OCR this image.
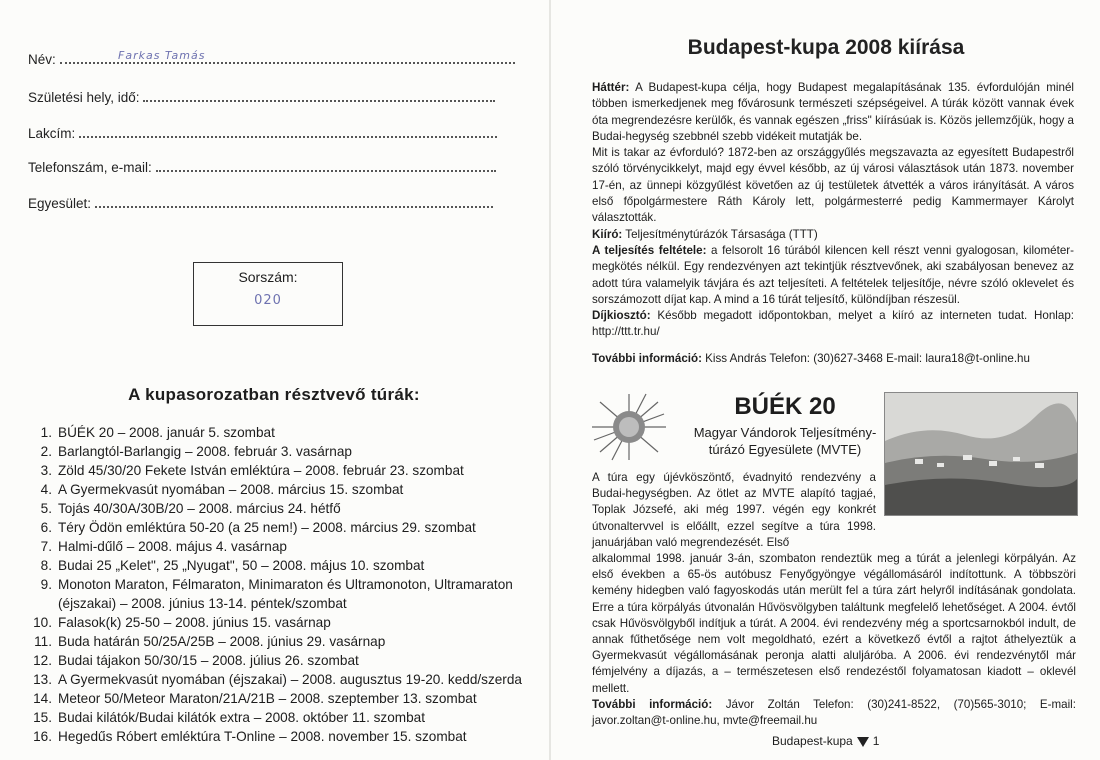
Név:	Farkas Tamás
Születési hely, idő:
Lakcím:
Telefonszám, e-mail:
Egyesület:
Sorszám:
020
A kupasorozatban résztvevő túrák:
1. BÚÉK 20 – 2008. január 5. szombat
2. Barlangtól-Barlangig – 2008. február 3. vasárnap
3. Zöld 45/30/20 Fekete István emléktúra – 2008. február 23. szombat
4. A Gyermekvasút nyomában – 2008. március 15. szombat
5. Tojás 40/30A/30B/20 – 2008. március 24. hétfő
6. Téry Ödön emléktúra 50-20 (a 25 nem!) – 2008. március 29. szombat
7. Halmi-dűlő – 2008. május 4. vasárnap
8. Budai 25 „Kelet", 25 „Nyugat", 50 – 2008. május 10. szombat
9. Monoton Maraton, Félmaraton, Minimaraton és Ultramonoton, Ultramaraton (éjszakai) – 2008. június 13-14. péntek/szombat
10. Falasok(k) 25-50 – 2008. június 15. vasárnap
11. Buda határán 50/25A/25B – 2008. június 29. vasárnap
12. Budai tájakon 50/30/15 – 2008. július 26. szombat
13. A Gyermekvasút nyomában (éjszakai) – 2008. augusztus 19-20. kedd/szerda
14. Meteor 50/Meteor Maraton/21A/21B – 2008. szeptember 13. szombat
15. Budai kilátók/Budai kilátók extra – 2008. október 11. szombat
16. Hegedűs Róbert emléktúra T-Online – 2008. november 15. szombat
Budapest-kupa 2008 kiírása
Háttér: A Budapest-kupa célja, hogy Budapest megalapításának 135. évfordulóján minél többen ismerkedjenek meg fővárosunk természeti szépségeivel. A túrák között vannak évek óta megrendezésre kerülők, és vannak egészen „friss" kiírásúak is. Közös jellemzőjük, hogy a Budai-hegység szebbnél szebb vidékeit mutatják be.
Mit is takar az évforduló? 1872-ben az országgyűlés megszavazta az egyesített Budapestről szóló törvénycikkelyt, majd egy évvel később, az új városi választások után 1873. november 17-én, az ünnepi közgyűlést követően az új testületek átvették a város irányítását. A város első főpolgármestere Ráth Károly lett, polgármesterré pedig Kammermayer Károlyt választották.
Kiíró: Teljesítménytúrázók Társasága (TTT)
A teljesítés feltétele: a felsorolt 16 túrából kilencen kell részt venni gyalogosan, kilométer-megkötés nélkül. Egy rendezvényen azt tekintjük résztvevőnek, aki szabályosan benevez az adott túra valamelyik távjára és azt teljesíteti. A feltételek teljesítője, névre szóló oklevelet és sorszámozott díjat kap. A mind a 16 túrát teljesítő, különdíjban részesül.
Díjkiosztó: Később megadott időpontokban, melyet a kiíró az interneten tudat. Honlap: http://ttt.tr.hu/
További információ: Kiss András Telefon: (30)627-3468 E-mail: laura18@t-online.hu
BÚÉK 20
Magyar Vándorok Teljesítmény-túrázó Egyesülete (MVTE)
A túra egy újévköszöntő, évadnyitó rendezvény a Budai-hegységben. Az ötlet az MVTE alapító tagjaé, Toplak Józsefé, aki még 1997. végén egy konkrét útvonaltervvel is előállt, ezzel segítve a túra 1998. januárjában való megrendezését. Első
alkalommal 1998. január 3-án, szombaton rendeztük meg a túrát a jelenlegi körpályán. Az első években a 65-ös autóbusz Fenyőgyöngye végállomásáról indítottunk. A többszöri kemény hidegben való fagyoskodás után merült fel a túra zárt helyről indításának gondolata. Erre a túra körpályás útvonalán Hűvösvölgyben találtunk megfelelő lehetőséget. A 2004. évtől csak Hűvösvölgyből indítjuk a túrát. A 2004. évi rendezvény még a sportcsarnokból indult, de annak fűthetősége nem volt megoldható, ezért a következő évtől a rajtot áthelyeztük a Gyermekvasút végállomásának peronja alatti aluljáróba. A 2006. évi rendezvénytől már fémjelvény a díjazás, a – természetesen első rendezéstől folyamatosan kiadott – oklevél mellett.
További információ: Jávor Zoltán Telefon: (30)241-8522, (70)565-3010; E-mail: javor.zoltan@t-online.hu, mvte@freemail.hu
Budapest-kupa 1
